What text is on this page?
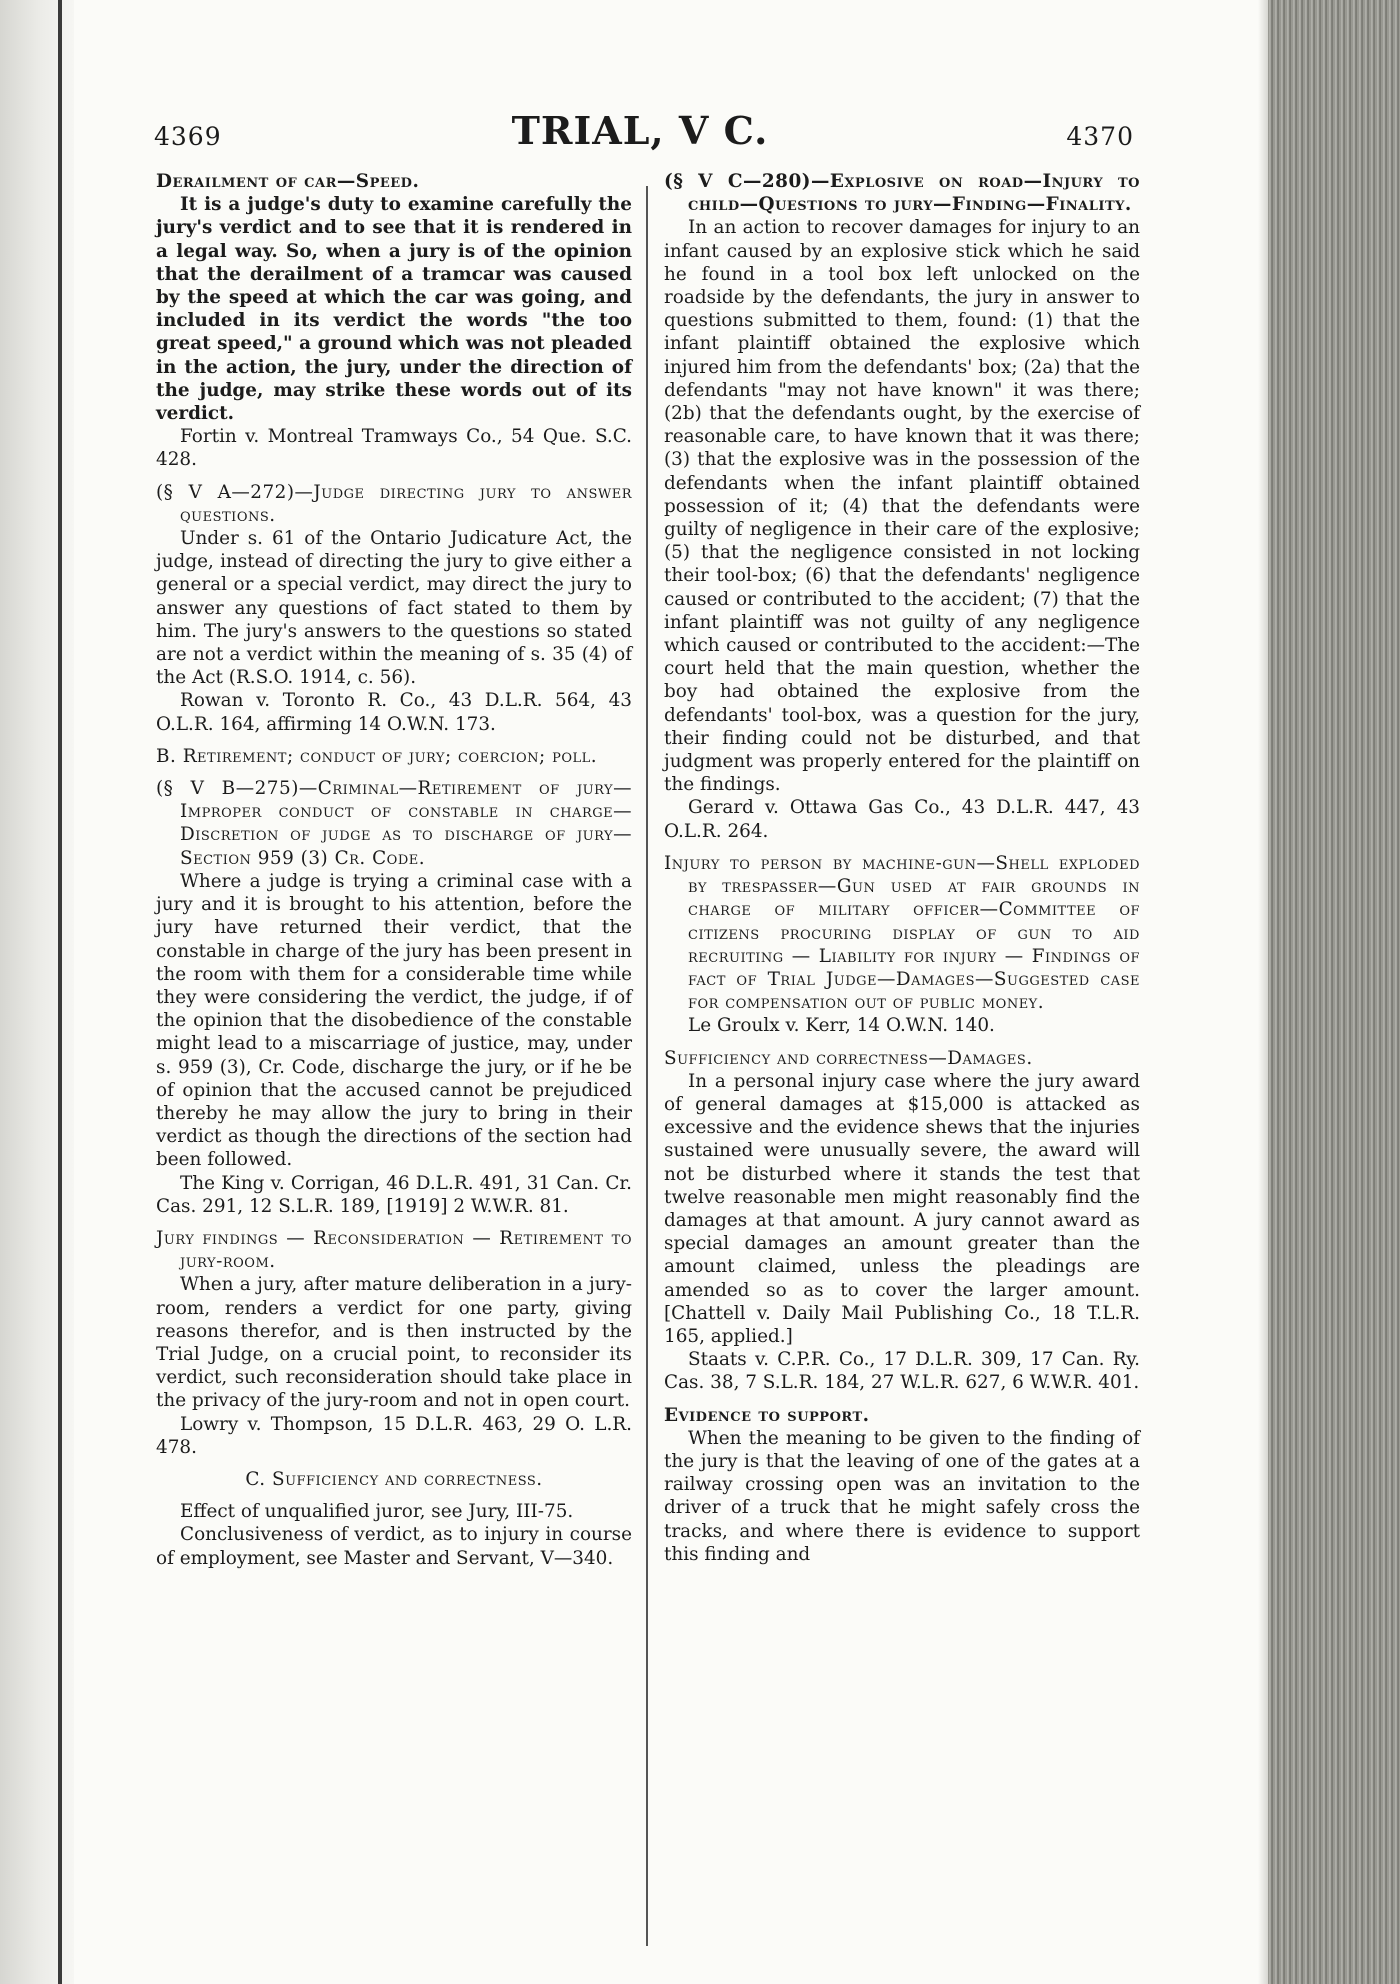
4369	TRIAL, V C.	4370

Derailment of car—Speed.

It is a judge's duty to examine carefully the jury's verdict and to see that it is rendered in a legal way. So, when a jury is of the opinion that the derailment of a tramcar was caused by the speed at which the car was going, and included in its verdict the words "the too great speed," a ground which was not pleaded in the action, the jury, under the direction of the judge, may strike these words out of its verdict.

Fortin v. Montreal Tramways Co., 54 Que. S.C. 428.

(§ V A—272)—Judge directing jury to answer questions.

Under s. 61 of the Ontario Judicature Act, the judge, instead of directing the jury to give either a general or a special verdict, may direct the jury to answer any questions of fact stated to them by him. The jury's answers to the questions so stated are not a verdict within the meaning of s. 35 (4) of the Act (R.S.O. 1914, c. 56).

Rowan v. Toronto R. Co., 43 D.L.R. 564, 43 O.L.R. 164, affirming 14 O.W.N. 173.

B. Retirement; conduct of jury; coercion; poll.

(§ V B—275)—Criminal—Retirement of jury—Improper conduct of constable in charge—Discretion of judge as to discharge of jury—Section 959 (3) Cr. Code.

Where a judge is trying a criminal case with a jury and it is brought to his attention, before the jury have returned their verdict, that the constable in charge of the jury has been present in the room with them for a considerable time while they were considering the verdict, the judge, if of the opinion that the disobedience of the constable might lead to a miscarriage of justice, may, under s. 959 (3), Cr. Code, discharge the jury, or if he be of opinion that the accused cannot be prejudiced thereby he may allow the jury to bring in their verdict as though the directions of the section had been followed.

The King v. Corrigan, 46 D.L.R. 491, 31 Can. Cr. Cas. 291, 12 S.L.R. 189, [1919] 2 W.W.R. 81.

Jury findings — Reconsideration — Retirement to jury-room.

When a jury, after mature deliberation in a jury-room, renders a verdict for one party, giving reasons therefor, and is then instructed by the Trial Judge, on a crucial point, to reconsider its verdict, such reconsideration should take place in the privacy of the jury-room and not in open court.

Lowry v. Thompson, 15 D.L.R. 463, 29 O. L.R. 478.

C. Sufficiency and correctness.

Effect of unqualified juror, see Jury, III-75.

Conclusiveness of verdict, as to injury in course of employment, see Master and Servant, V—340.

(§ V C—280)—Explosive on road—Injury to child—Questions to jury—Finding—Finality.

In an action to recover damages for injury to an infant caused by an explosive stick which he said he found in a tool box left unlocked on the roadside by the defendants, the jury in answer to questions submitted to them, found: (1) that the infant plaintiff obtained the explosive which injured him from the defendants' box; (2a) that the defendants "may not have known" it was there; (2b) that the defendants ought, by the exercise of reasonable care, to have known that it was there; (3) that the explosive was in the possession of the defendants when the infant plaintiff obtained possession of it; (4) that the defendants were guilty of negligence in their care of the explosive; (5) that the negligence consisted in not locking their tool-box; (6) that the defendants' negligence caused or contributed to the accident; (7) that the infant plaintiff was not guilty of any negligence which caused or contributed to the accident:—The court held that the main question, whether the boy had obtained the explosive from the defendants' tool-box, was a question for the jury, their finding could not be disturbed, and that judgment was properly entered for the plaintiff on the findings.

Gerard v. Ottawa Gas Co., 43 D.L.R. 447, 43 O.L.R. 264.

Injury to person by machine-gun—Shell exploded by trespasser—Gun used at fair grounds in charge of military officer—Committee of citizens procuring display of gun to aid recruiting — Liability for injury — Findings of fact of Trial Judge—Damages—Suggested case for compensation out of public money.

Le Groulx v. Kerr, 14 O.W.N. 140.

Sufficiency and correctness—Damages.

In a personal injury case where the jury award of general damages at $15,000 is attacked as excessive and the evidence shews that the injuries sustained were unusually severe, the award will not be disturbed where it stands the test that twelve reasonable men might reasonably find the damages at that amount. A jury cannot award as special damages an amount greater than the amount claimed, unless the pleadings are amended so as to cover the larger amount. [Chattell v. Daily Mail Publishing Co., 18 T.L.R. 165, applied.]

Staats v. C.P.R. Co., 17 D.L.R. 309, 17 Can. Ry. Cas. 38, 7 S.L.R. 184, 27 W.L.R. 627, 6 W.W.R. 401.

Evidence to support.

When the meaning to be given to the finding of the jury is that the leaving of one of the gates at a railway crossing open was an invitation to the driver of a truck that he might safely cross the tracks, and where there is evidence to support this finding and
